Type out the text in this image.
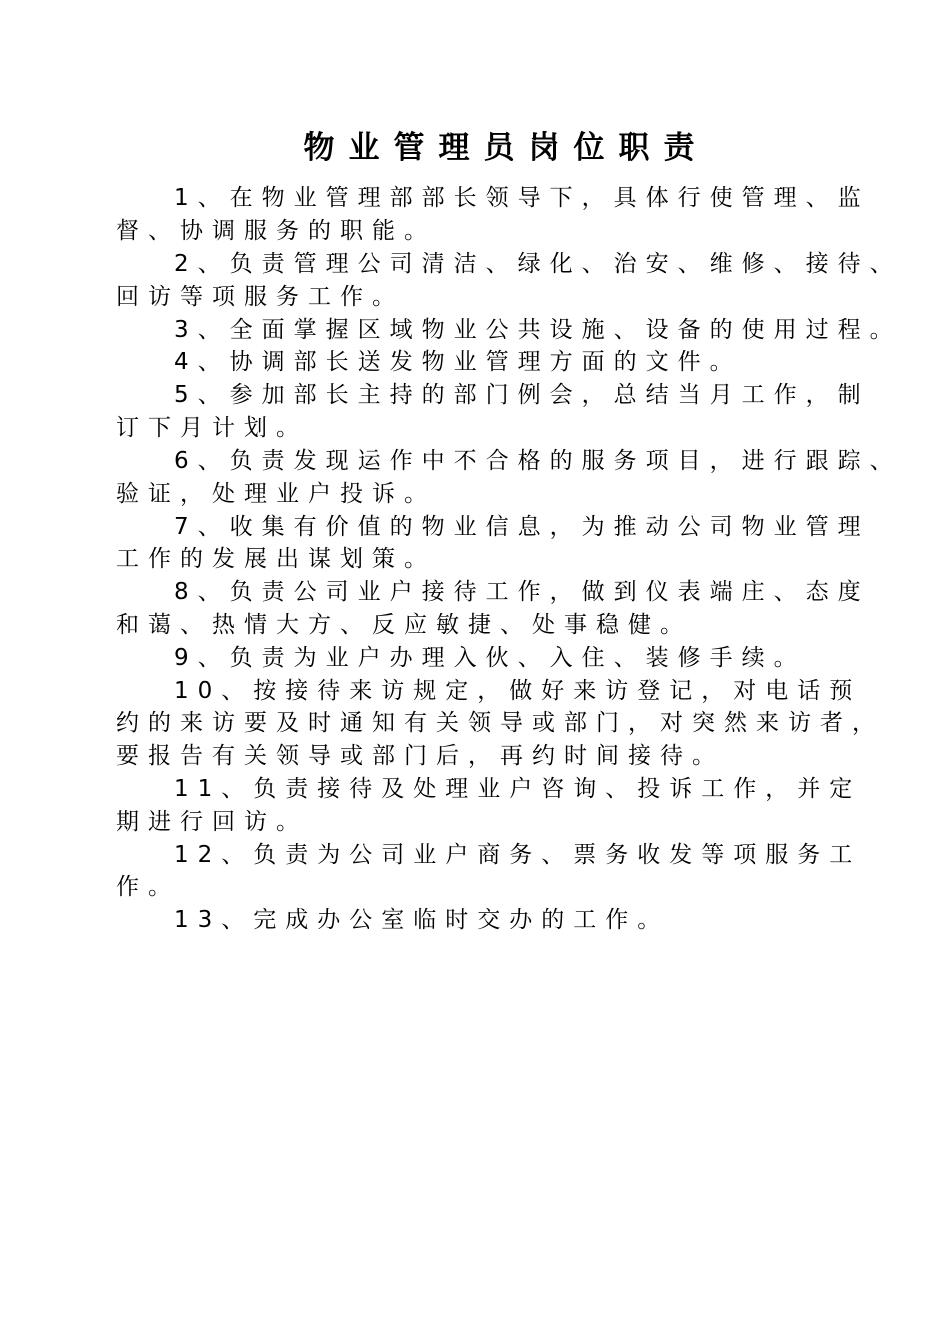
物业管理员岗位职责
1、在物业管理部部长领导下，具体行使管理、监
督、协调服务的职能。
2、负责管理公司清洁、绿化、治安、维修、接待、
回访等项服务工作。
3、全面掌握区域物业公共设施、设备的使用过程。
4、协调部长送发物业管理方面的文件。
5、参加部长主持的部门例会，总结当月工作，制
订下月计划。
6、负责发现运作中不合格的服务项目，进行跟踪、
验证，处理业户投诉。
7、收集有价值的物业信息，为推动公司物业管理
工作的发展出谋划策。
8、负责公司业户接待工作，做到仪表端庄、态度
和蔼、热情大方、反应敏捷、处事稳健。
9、负责为业户办理入伙、入住、装修手续。
10、按接待来访规定，做好来访登记，对电话预
约的来访要及时通知有关领导或部门，对突然来访者，
要报告有关领导或部门后，再约时间接待。
11、负责接待及处理业户咨询、投诉工作，并定
期进行回访。
12、负责为公司业户商务、票务收发等项服务工
作。
13、完成办公室临时交办的工作。
